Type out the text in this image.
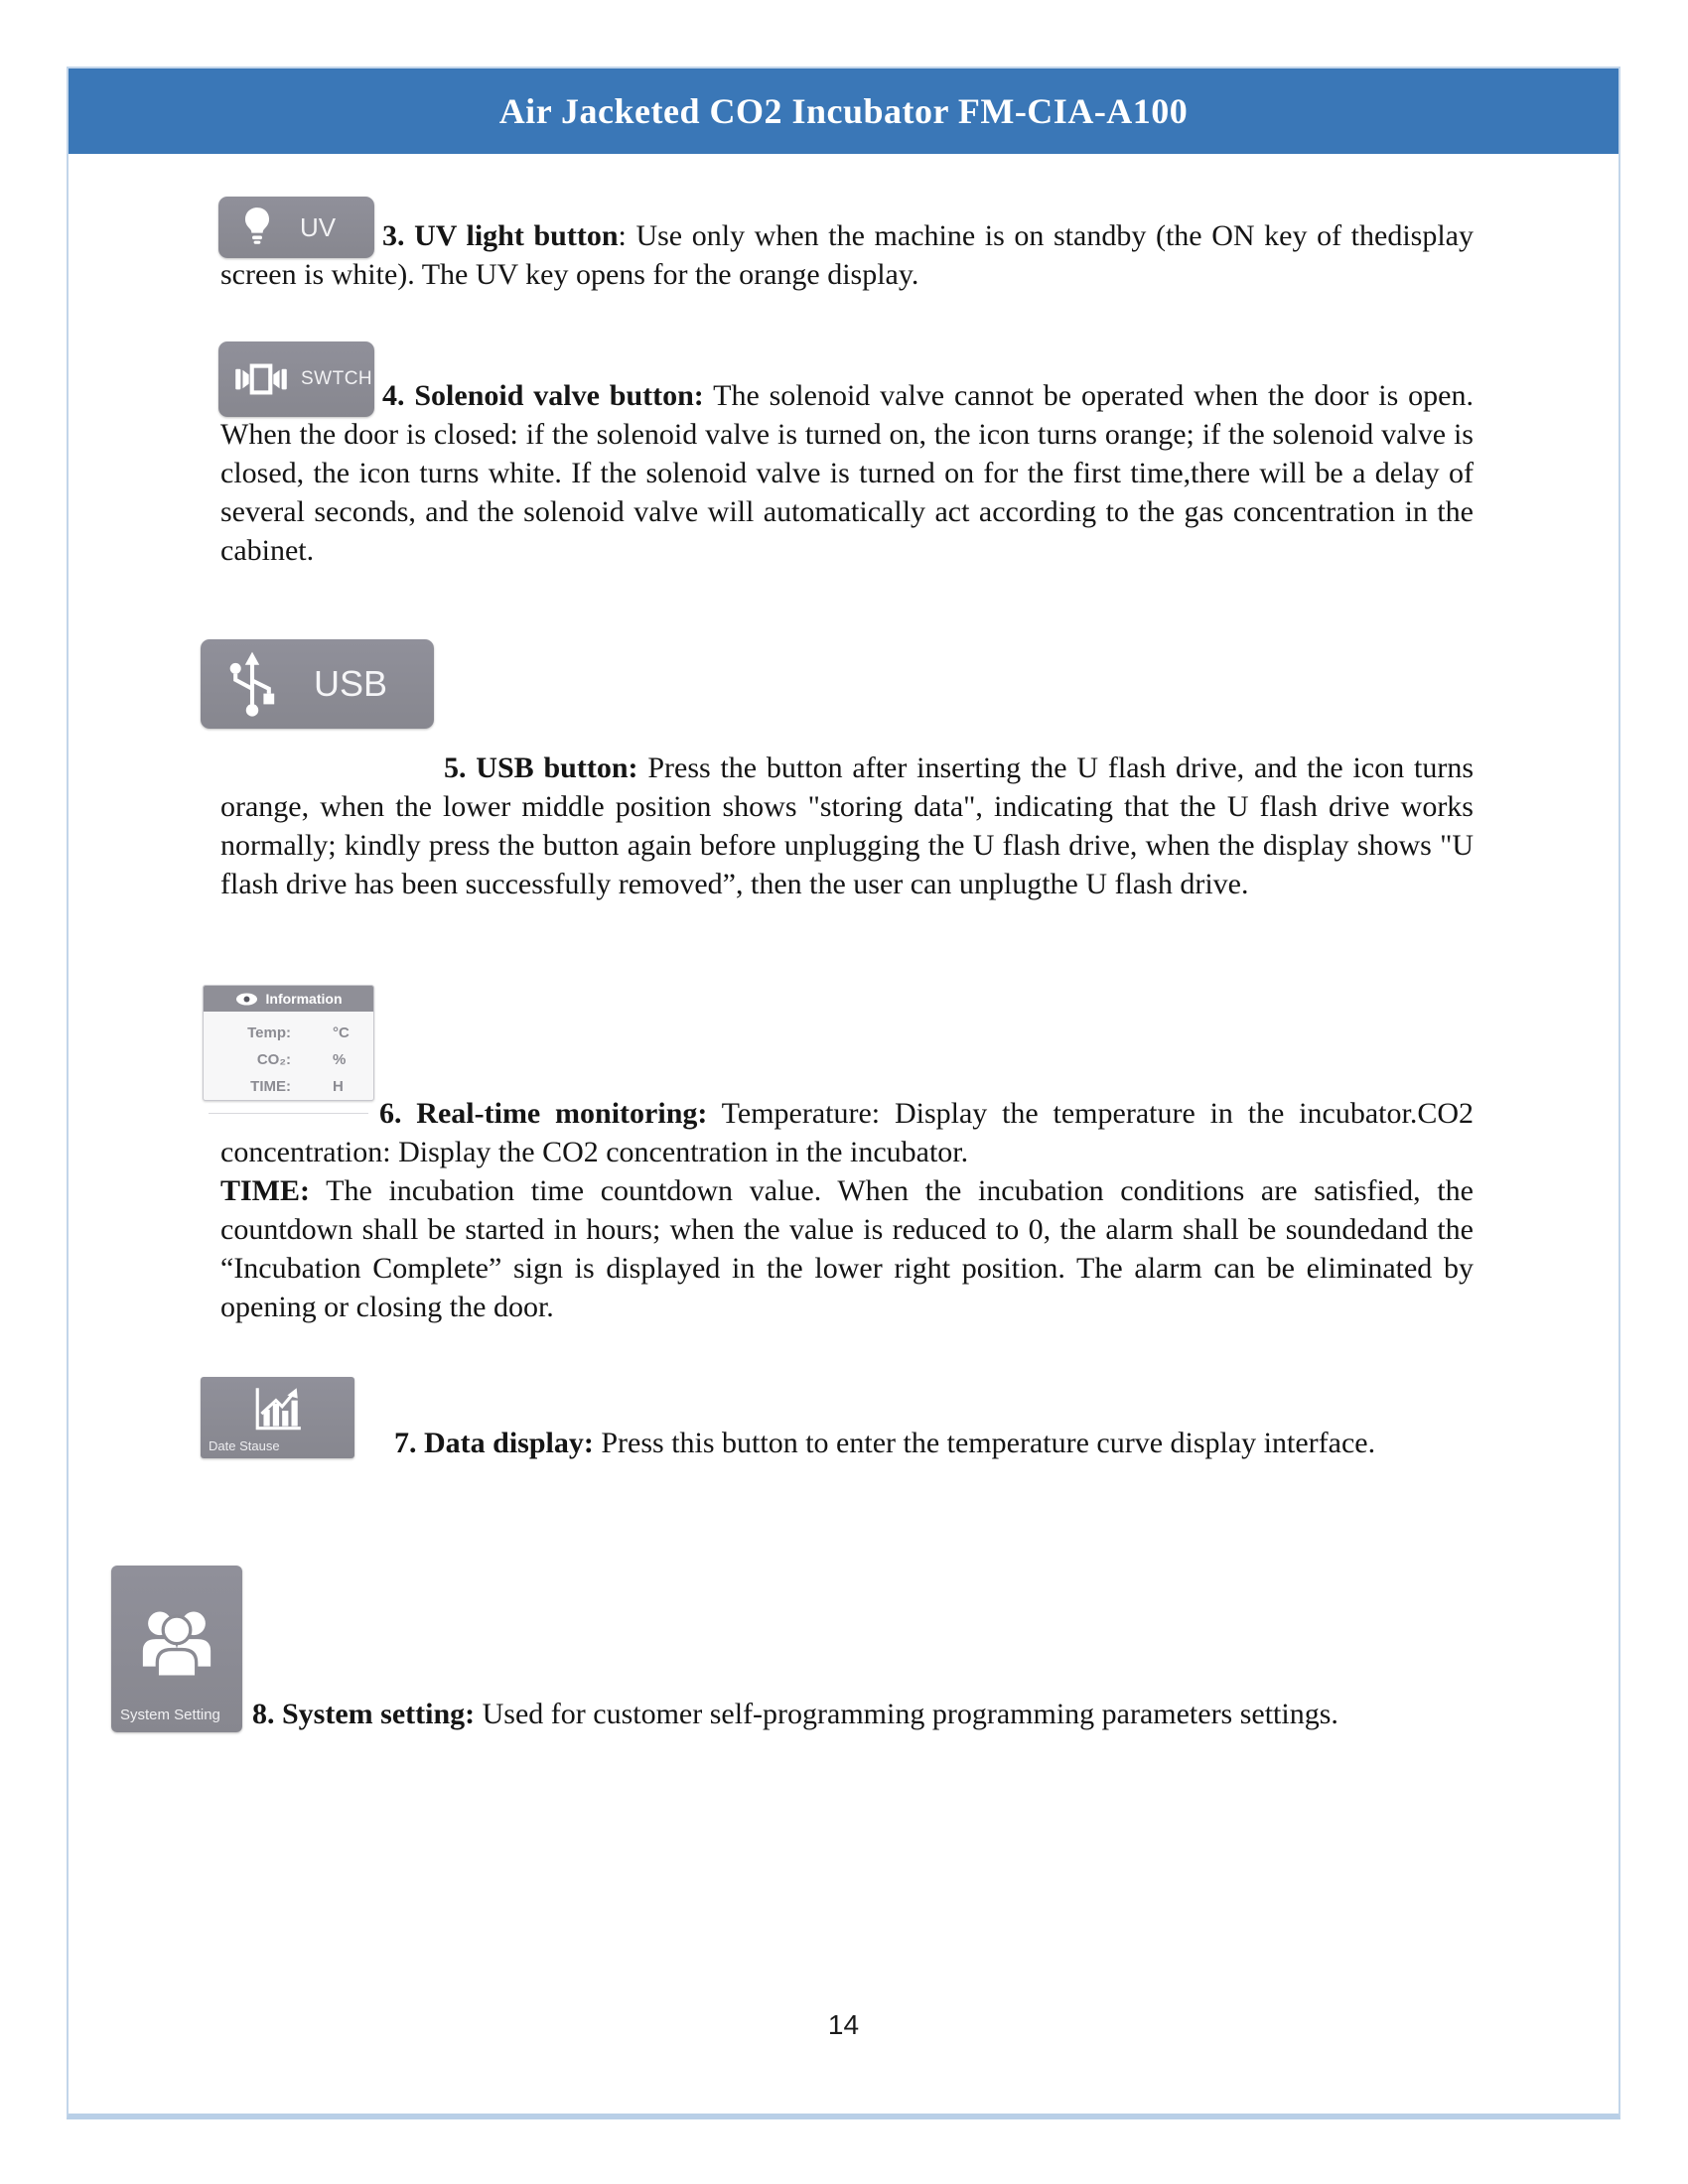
Air Jacketed CO2 Incubator FM-CIA-A100
UV	3. UV light button: Use only when the machine is on standby (the ON key of thedisplay screen is white). The UV key opens for the orange display.

SWTCH

4. Solenoid valve button: The solenoid valve cannot be operated when the door is open. When the door is closed: if the solenoid valve is turned on, the icon turns orange; if the solenoid valve is closed, the icon turns white. If the solenoid valve is turned on for the first time,there will be a delay of several seconds, and the solenoid valve will automatically act according to the gas concentration in the cabinet.

USB

5. USB button: Press the button after inserting the U flash drive, and the icon turns orange, when the lower middle position shows "storing data", indicating that the U flash drive works normally; kindly press the button again before unplugging the U flash drive, when the display shows "U flash drive has been successfully removed”, then the user can unplugthe U flash drive.

Information
Temp:	°C
CO₂:	%
TIME:	H

6. Real-time monitoring: Temperature: Display the temperature in the incubator.CO2 concentration: Display the CO2 concentration in the incubator.

TIME: The incubation time countdown value. When the incubation conditions are satisfied, the countdown shall be started in hours; when the value is reduced to 0, the alarm shall be soundedand the “Incubation Complete” sign is displayed in the lower right position. The alarm can be eliminated by opening or closing the door.

Date Stause	7. Data display: Press this button to enter the temperature curve display interface.

System Setting	8. System setting: Used for customer self-programming programming parameters settings.

14
